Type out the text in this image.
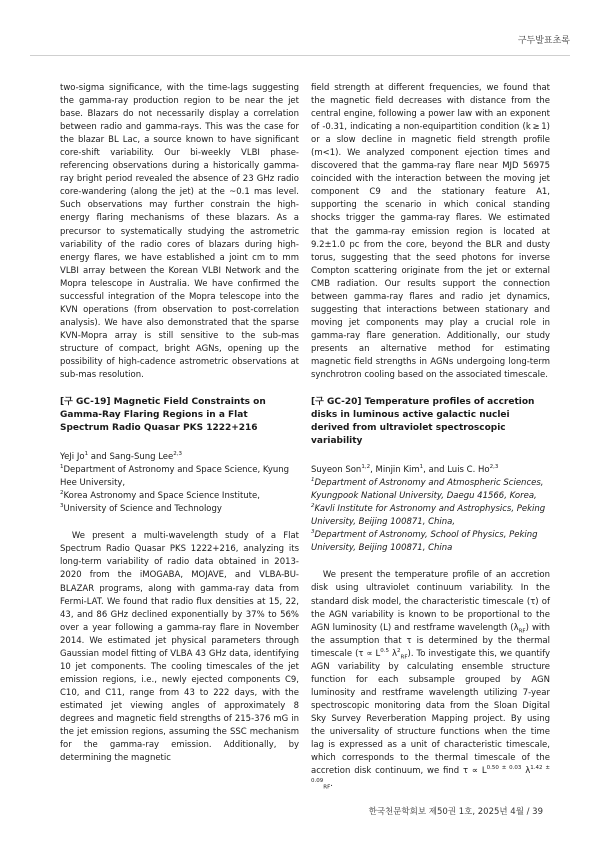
구두발표초록

two-sigma significance, with the time-lags suggesting the gamma-ray production region to be near the jet base. Blazars do not necessarily display a correlation between radio and gamma-rays. This was the case for the blazar BL Lac, a source known to have significant core-shift variability. Our bi-weekly VLBI phase-referencing observations during a historically gamma-ray bright period revealed the absence of 23 GHz radio core-wandering (along the jet) at the ~0.1 mas level. Such observations may further constrain the high-energy flaring mechanisms of these blazars. As a precursor to systematically studying the astrometric variability of the radio cores of blazars during high-energy flares, we have established a joint cm to mm VLBI array between the Korean VLBI Network and the Mopra telescope in Australia. We have confirmed the successful integration of the Mopra telescope into the KVN operations (from observation to post-correlation analysis). We have also demonstrated that the sparse KVN-Mopra array is still sensitive to the sub-mas structure of compact, bright AGNs, opening up the possibility of high-cadence astrometric observations at sub-mas resolution.

[구 GC-19] Magnetic Field Constraints on Gamma-Ray Flaring Regions in a Flat Spectrum Radio Quasar PKS 1222+216

YeJi Jo$^1$ and Sang-Sung Lee$^{2,3}$

$^1$Department of Astronomy and Space Science, Kyung Hee University,

$^2$Korea Astronomy and Space Science Institute,

$^3$University of Science and Technology

We present a multi-wavelength study of a Flat Spectrum Radio Quasar PKS 1222+216, analyzing its long-term variability of radio data obtained in 2013-2020 from the iMOGABA, MOJAVE, and VLBA-BU-BLAZAR programs, along with gamma-ray data from Fermi-LAT. We found that radio flux densities at 15, 22, 43, and 86 GHz declined exponentially by 37% to 56% over a year following a gamma-ray flare in November 2014. We estimated jet physical parameters through Gaussian model fitting of VLBA 43 GHz data, identifying 10 jet components. The cooling timescales of the jet emission regions, i.e., newly ejected components C9, C10, and C11, range from 43 to 222 days, with the estimated jet viewing angles of approximately 8 degrees and magnetic field strengths of 215-376 mG in the jet emission regions, assuming the SSC mechanism for the gamma-ray emission. Additionally, by determining the magnetic

field strength at different frequencies, we found that the magnetic field decreases with distance from the central engine, following a power law with an exponent of -0.31, indicating a non-equipartition condition (k ≥ 1) or a slow decline in magnetic field strength profile (m<1). We analyzed component ejection times and discovered that the gamma-ray flare near MJD 56975 coincided with the interaction between the moving jet component C9 and the stationary feature A1, supporting the scenario in which conical standing shocks trigger the gamma-ray flares. We estimated that the gamma-ray emission region is located at 9.2±1.0 pc from the core, beyond the BLR and dusty torus, suggesting that the seed photons for inverse Compton scattering originate from the jet or external CMB radiation. Our results support the connection between gamma-ray flares and radio jet dynamics, suggesting that interactions between stationary and moving jet components may play a crucial role in gamma-ray flare generation. Additionally, our study presents an alternative method for estimating magnetic field strengths in AGNs undergoing long-term synchrotron cooling based on the associated timescale.

[구 GC-20] Temperature profiles of accretion disks in luminous active galactic nuclei derived from ultraviolet spectroscopic variability

Suyeon Son$^{1,2}$, Minjin Kim$^1$, and Luis C. Ho$^{2,3}$

$^1$Department of Astronomy and Atmospheric Sciences, Kyungpook National University, Daegu 41566, Korea,

$^2$Kavli Institute for Astronomy and Astrophysics, Peking University, Beijing 100871, China,

$^3$Department of Astronomy, School of Physics, Peking University, Beijing 100871, China

We present the temperature profile of an accretion disk using ultraviolet continuum variability. In the standard disk model, the characteristic timescale (τ) of the AGN variability is known to be proportional to the AGN luminosity (L) and restframe wavelength $(\lambda_{RF})$ with the assumption that τ is determined by the thermal timescale ($\tau \propto L^{0.5}$ $\lambda^2_{RF}$). To investigate this, we quantify AGN variability by calculating ensemble structure function for each subsample grouped by AGN luminosity and restframe wavelength utilizing 7-year spectroscopic monitoring data from the Sloan Digital Sky Survey Reverberation Mapping project. By using the universality of structure functions when the time lag is expressed as a unit of characteristic timescale, which corresponds to the thermal timescale of the accretion disk continuum, we find $\tau \propto L^{0.50 \pm 0.03}$ $\lambda^{1.42 \pm 0.09}_{RF}$.

한국천문학회보 제50권 1호, 2025년 4월 / 39
